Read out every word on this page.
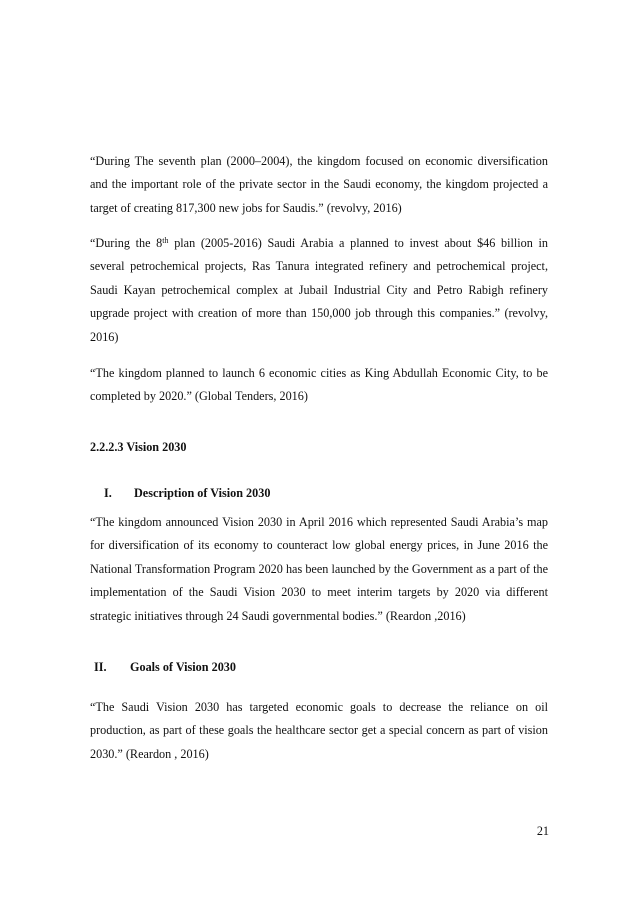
“During The seventh plan (2000–2004), the kingdom focused on economic diversification and the important role of the private sector in the Saudi economy, the kingdom projected a target of creating 817,300 new jobs for Saudis.” (revolvy, 2016)

“During the 8th plan (2005-2016) Saudi Arabia a planned to invest about $46 billion in several petrochemical projects, Ras Tanura integrated refinery and petrochemical project, Saudi Kayan petrochemical complex at Jubail Industrial City and Petro Rabigh refinery upgrade project with creation of more than 150,000 job through this companies.” (revolvy, 2016)

“The kingdom planned to launch 6 economic cities as King Abdullah Economic City, to be completed by 2020.” (Global Tenders, 2016)

2.2.2.3 Vision 2030

I. Description of Vision 2030

“The kingdom announced Vision 2030 in April 2016 which represented Saudi Arabia’s map for diversification of its economy to counteract low global energy prices, in June 2016 the National Transformation Program 2020 has been launched by the Government as a part of the implementation of the Saudi Vision 2030 to meet interim targets by 2020 via different strategic initiatives through 24 Saudi governmental bodies.” (Reardon ,2016)

II. Goals of Vision 2030

“The Saudi Vision 2030 has targeted economic goals to decrease the reliance on oil production, as part of these goals the healthcare sector get a special concern as part of vision 2030.” (Reardon , 2016)

21
